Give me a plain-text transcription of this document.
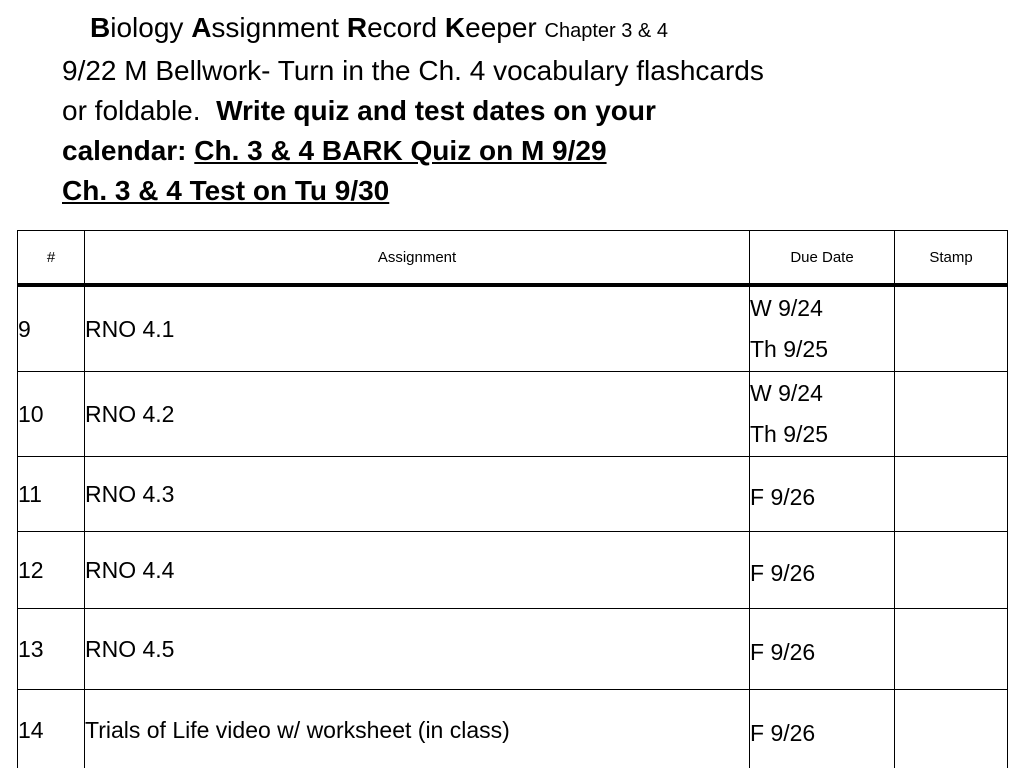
Biology Assignment Record Keeper Chapter 3 & 4
9/22 M Bellwork- Turn in the Ch. 4 vocabulary flashcards
or foldable. Write quiz and test dates on your
calendar: Ch. 3 & 4 BARK Quiz on M 9/29
Ch. 3 & 4 Test on Tu 9/30
#	Assignment	Due Date	Stamp
9	RNO 4.1	W 9/24
Th 9/25	

10	RNO 4.2	W 9/24
Th 9/25	

11	RNO 4.3	F 9/26	

12	RNO 4.4	F 9/26	

13	RNO 4.5	F 9/26	

14	Trials of Life video w/ worksheet (in class)	F 9/26	
